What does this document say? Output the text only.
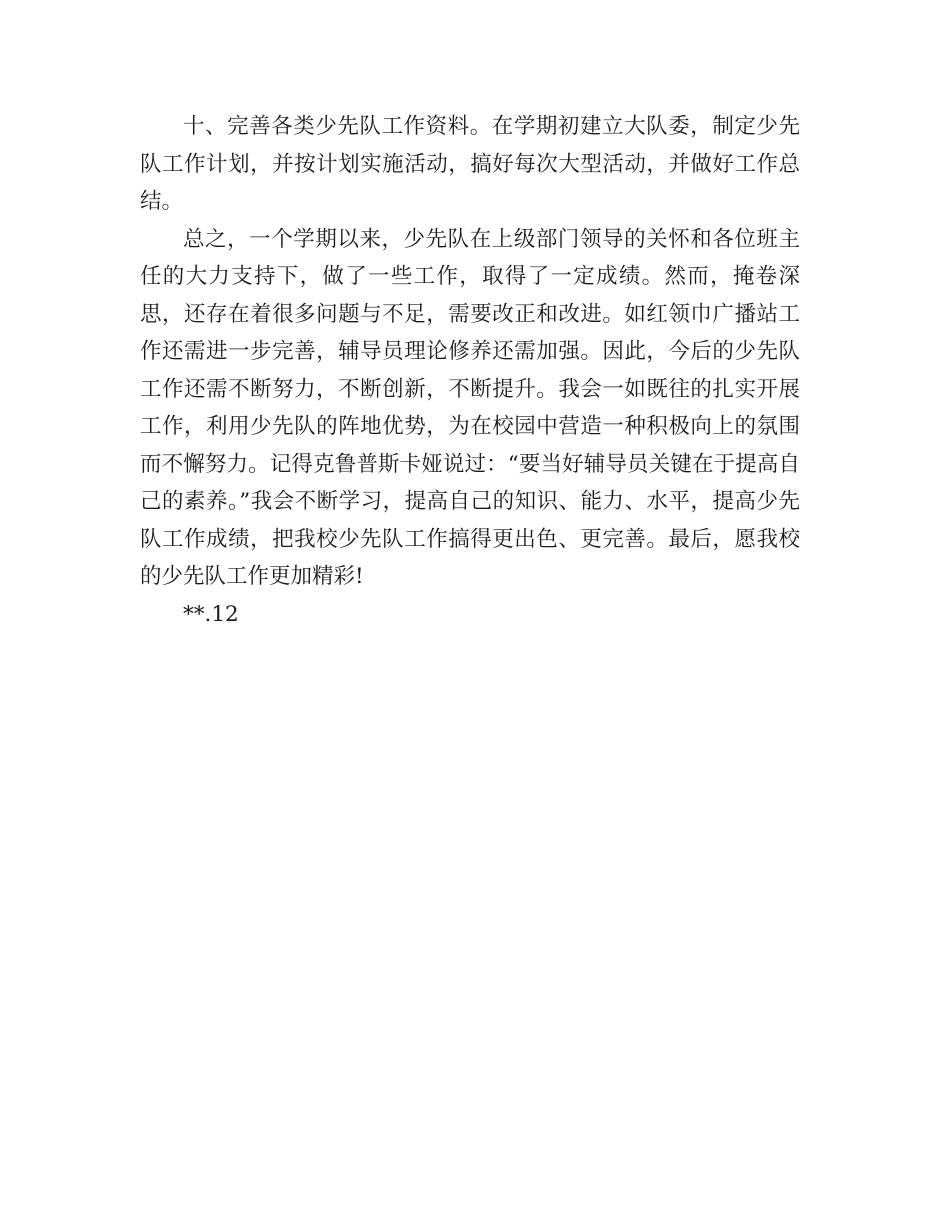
十、完善各类少先队工作资料。在学期初建立大队委，制定少先队工作计划，并按计划实施活动，搞好每次大型活动，并做好工作总结。

总之，一个学期以来，少先队在上级部门领导的关怀和各位班主任的大力支持下，做了一些工作，取得了一定成绩。然而，掩卷深思，还存在着很多问题与不足，需要改正和改进。如红领巾广播站工作还需进一步完善，辅导员理论修养还需加强。因此，今后的少先队工作还需不断努力，不断创新，不断提升。我会一如既往的扎实开展工作，利用少先队的阵地优势，为在校园中营造一种积极向上的氛围而不懈努力。记得克鲁普斯卡娅说过：“要当好辅导员关键在于提高自己的素养。”我会不断学习，提高自己的知识、能力、水平，提高少先队工作成绩，把我校少先队工作搞得更出色、更完善。最后，愿我校的少先队工作更加精彩!

**.12
